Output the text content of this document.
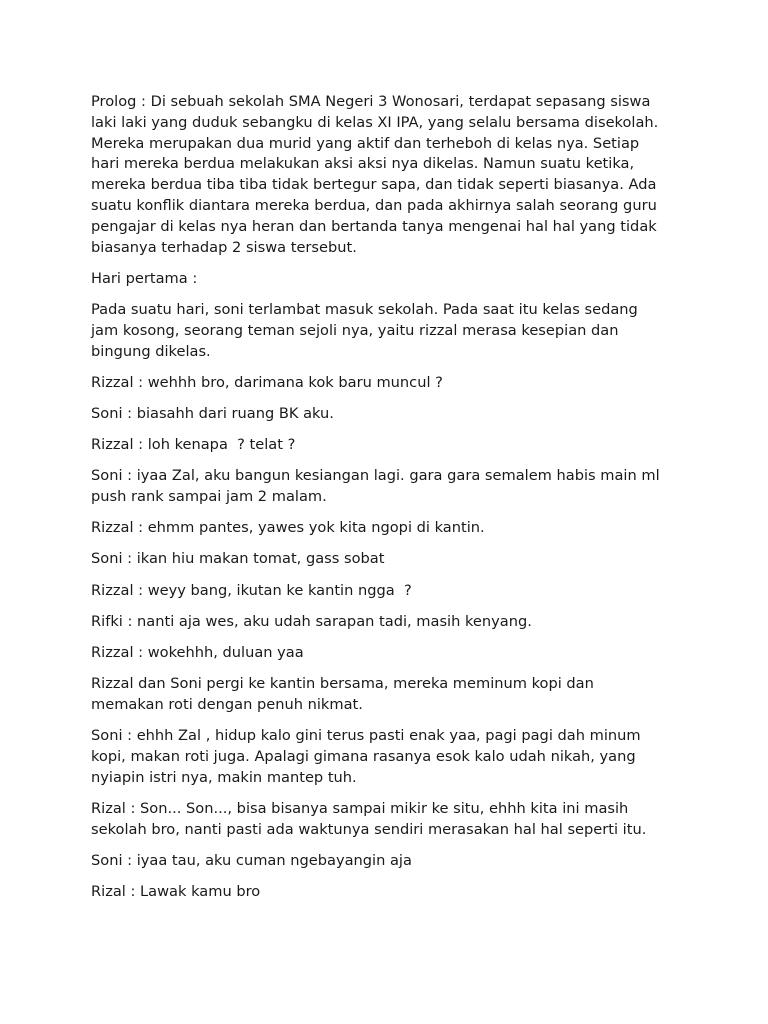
Prolog : Di sebuah sekolah SMA Negeri 3 Wonosari, terdapat sepasang siswa
laki laki yang duduk sebangku di kelas XI IPA, yang selalu bersama disekolah.
Mereka merupakan dua murid yang aktif dan terheboh di kelas nya. Setiap
hari mereka berdua melakukan aksi aksi nya dikelas. Namun suatu ketika,
mereka berdua tiba tiba tidak bertegur sapa, dan tidak seperti biasanya. Ada
suatu konflik diantara mereka berdua, dan pada akhirnya salah seorang guru
pengajar di kelas nya heran dan bertanda tanya mengenai hal hal yang tidak
biasanya terhadap 2 siswa tersebut.

Hari pertama :

Pada suatu hari, soni terlambat masuk sekolah. Pada saat itu kelas sedang
jam kosong, seorang teman sejoli nya, yaitu rizzal merasa kesepian dan
bingung dikelas.

Rizzal : wehhh bro, darimana kok baru muncul ?

Soni : biasahh dari ruang BK aku.

Rizzal : loh kenapa  ? telat ?

Soni : iyaa Zal, aku bangun kesiangan lagi. gara gara semalem habis main ml
push rank sampai jam 2 malam.

Rizzal : ehmm pantes, yawes yok kita ngopi di kantin.

Soni : ikan hiu makan tomat, gass sobat

Rizzal : weyy bang, ikutan ke kantin ngga  ?

Rifki : nanti aja wes, aku udah sarapan tadi, masih kenyang.

Rizzal : wokehhh, duluan yaa

Rizzal dan Soni pergi ke kantin bersama, mereka meminum kopi dan
memakan roti dengan penuh nikmat.

Soni : ehhh Zal , hidup kalo gini terus pasti enak yaa, pagi pagi dah minum
kopi, makan roti juga. Apalagi gimana rasanya esok kalo udah nikah, yang
nyiapin istri nya, makin mantep tuh.

Rizal : Son... Son..., bisa bisanya sampai mikir ke situ, ehhh kita ini masih
sekolah bro, nanti pasti ada waktunya sendiri merasakan hal hal seperti itu.

Soni : iyaa tau, aku cuman ngebayangin aja

Rizal : Lawak kamu bro
